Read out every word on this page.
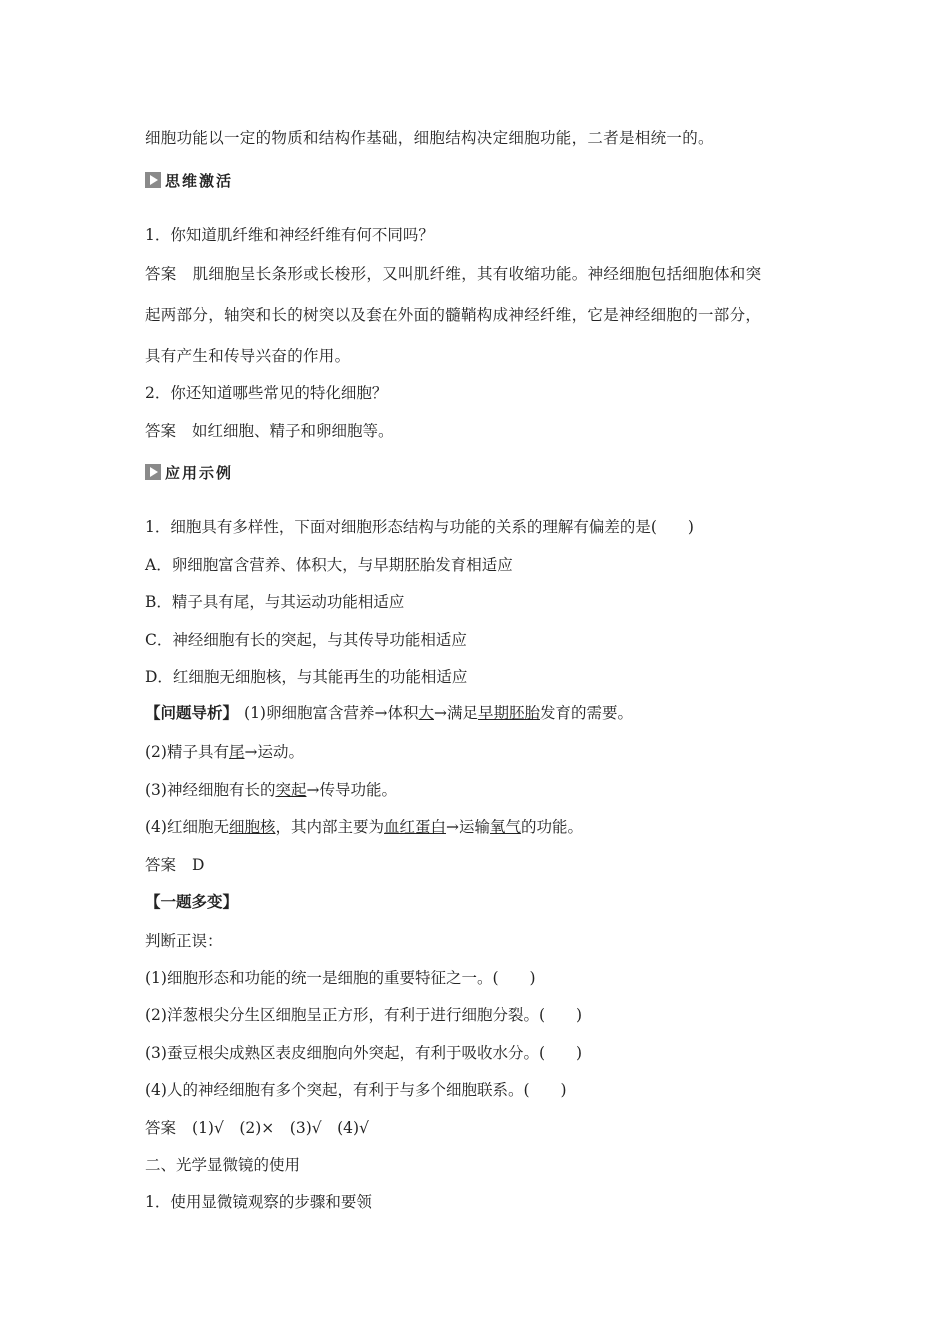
细胞功能以一定的物质和结构作基础，细胞结构决定细胞功能，二者是相统一的。
思维激活
1．你知道肌纤维和神经纤维有何不同吗？
答案 肌细胞呈长条形或长梭形，又叫肌纤维，其有收缩功能。神经细胞包括细胞体和突
起两部分，轴突和长的树突以及套在外面的髓鞘构成神经纤维，它是神经细胞的一部分，
具有产生和传导兴奋的作用。
2．你还知道哪些常见的特化细胞？
答案 如红细胞、精子和卵细胞等。
应用示例
1．细胞具有多样性，下面对细胞形态结构与功能的关系的理解有偏差的是(　　)
A．卵细胞富含营养、体积大，与早期胚胎发育相适应
B．精子具有尾，与其运动功能相适应
C．神经细胞有长的突起，与其传导功能相适应
D．红细胞无细胞核，与其能再生的功能相适应
【问题导析】 (1)卵细胞富含营养→体积大→满足早期胚胎发育的需要。
(2)精子具有尾→运动。
(3)神经细胞有长的突起→传导功能。
(4)红细胞无细胞核，其内部主要为血红蛋白→运输氧气的功能。
答案 D
【一题多变】
判断正误：
(1)细胞形态和功能的统一是细胞的重要特征之一。(　　)
(2)洋葱根尖分生区细胞呈正方形，有利于进行细胞分裂。(　　)
(3)蚕豆根尖成熟区表皮细胞向外突起，有利于吸收水分。(　　)
(4)人的神经细胞有多个突起，有利于与多个细胞联系。(　　)
答案 (1)√　(2)×　(3)√　(4)√
二、光学显微镜的使用
1．使用显微镜观察的步骤和要领
